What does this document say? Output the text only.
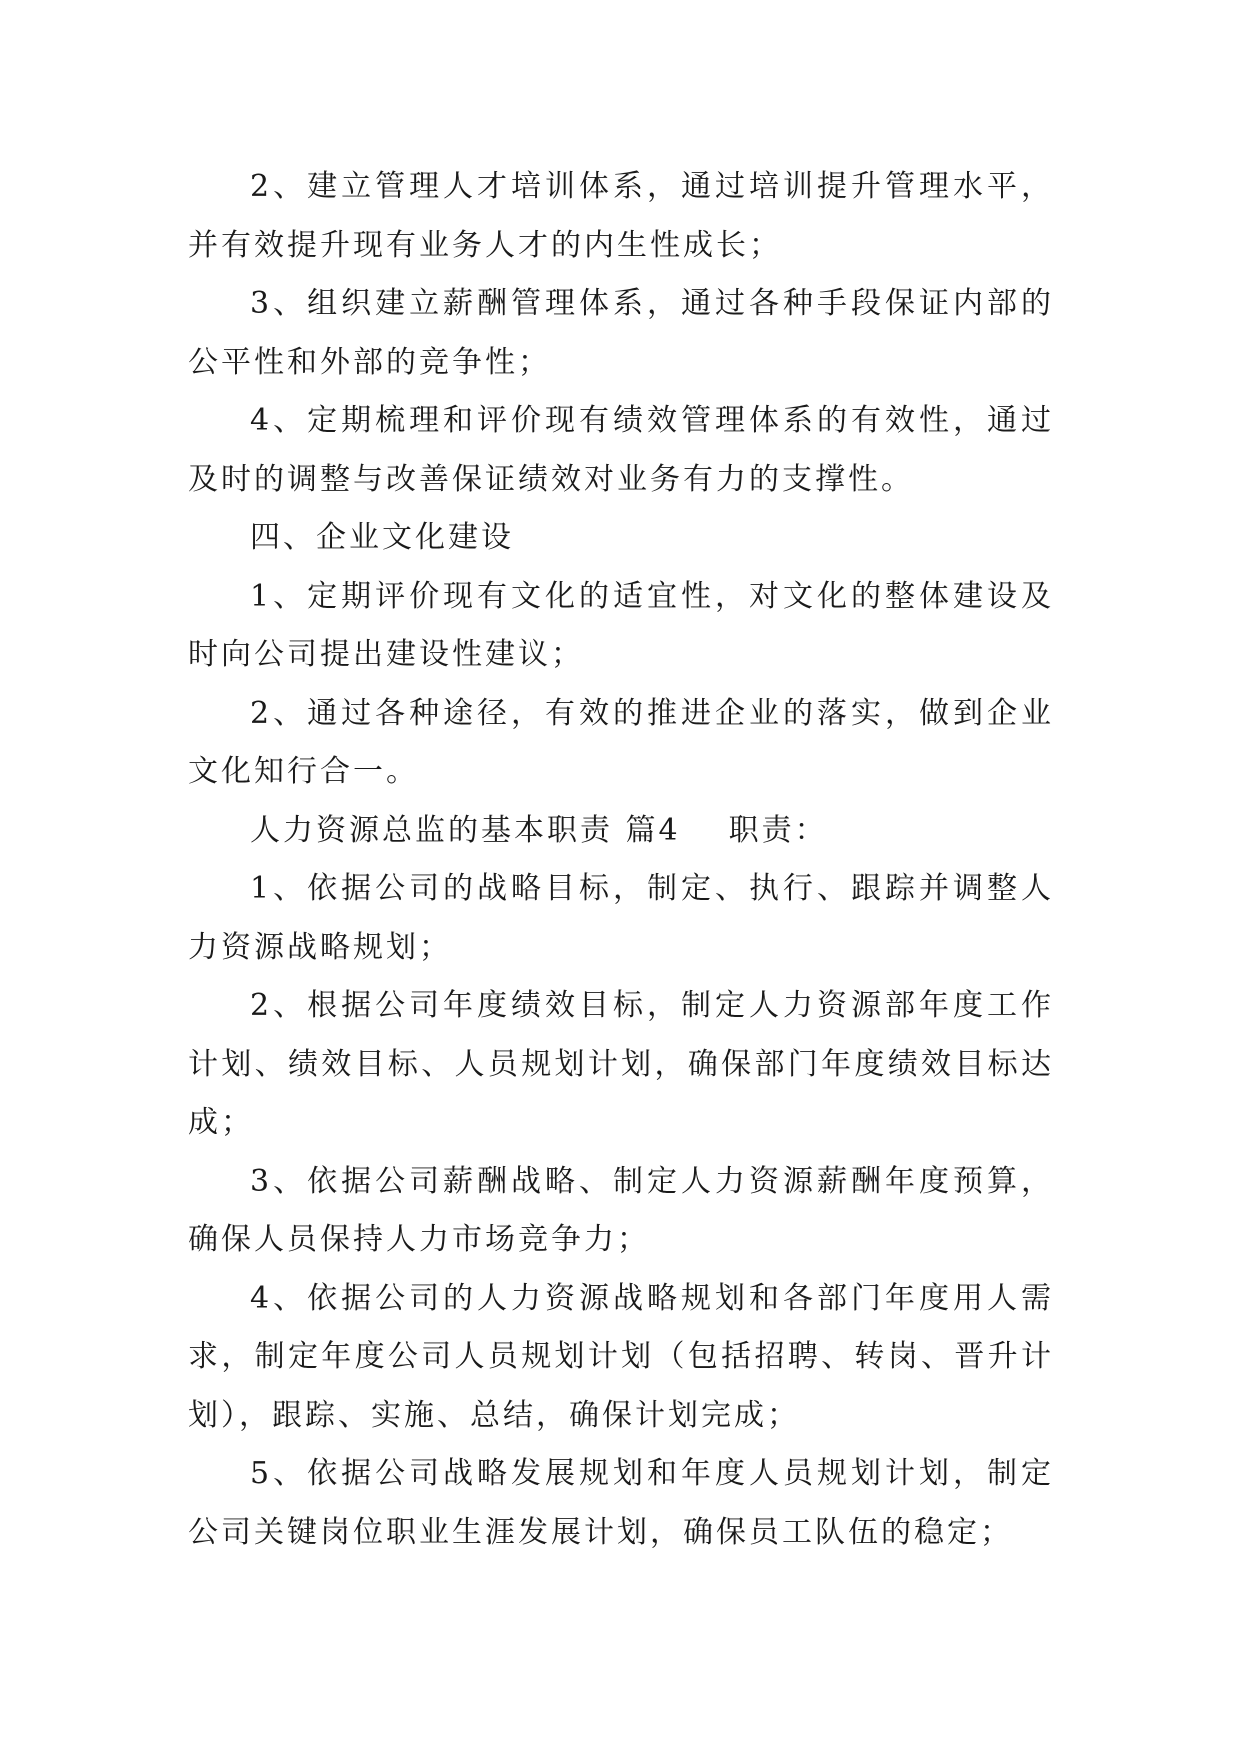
2、建立管理人才培训体系，通过培训提升管理水平，并有效提升现有业务人才的内生性成长；

3、组织建立薪酬管理体系，通过各种手段保证内部的公平性和外部的竞争性；

4、定期梳理和评价现有绩效管理体系的有效性，通过及时的调整与改善保证绩效对业务有力的支撑性。

四、企业文化建设

1、定期评价现有文化的适宜性，对文化的整体建设及时向公司提出建设性建议；

2、通过各种途径，有效的推进企业的落实，做到企业文化知行合一。

人力资源总监的基本职责 篇4 职责：

1、依据公司的战略目标，制定、执行、跟踪并调整人力资源战略规划；

2、根据公司年度绩效目标，制定人力资源部年度工作计划、绩效目标、人员规划计划，确保部门年度绩效目标达成；

3、依据公司薪酬战略、制定人力资源薪酬年度预算，确保人员保持人力市场竞争力；

4、依据公司的人力资源战略规划和各部门年度用人需求，制定年度公司人员规划计划（包括招聘、转岗、晋升计划），跟踪、实施、总结，确保计划完成；

5、依据公司战略发展规划和年度人员规划计划，制定公司关键岗位职业生涯发展计划，确保员工队伍的稳定；
